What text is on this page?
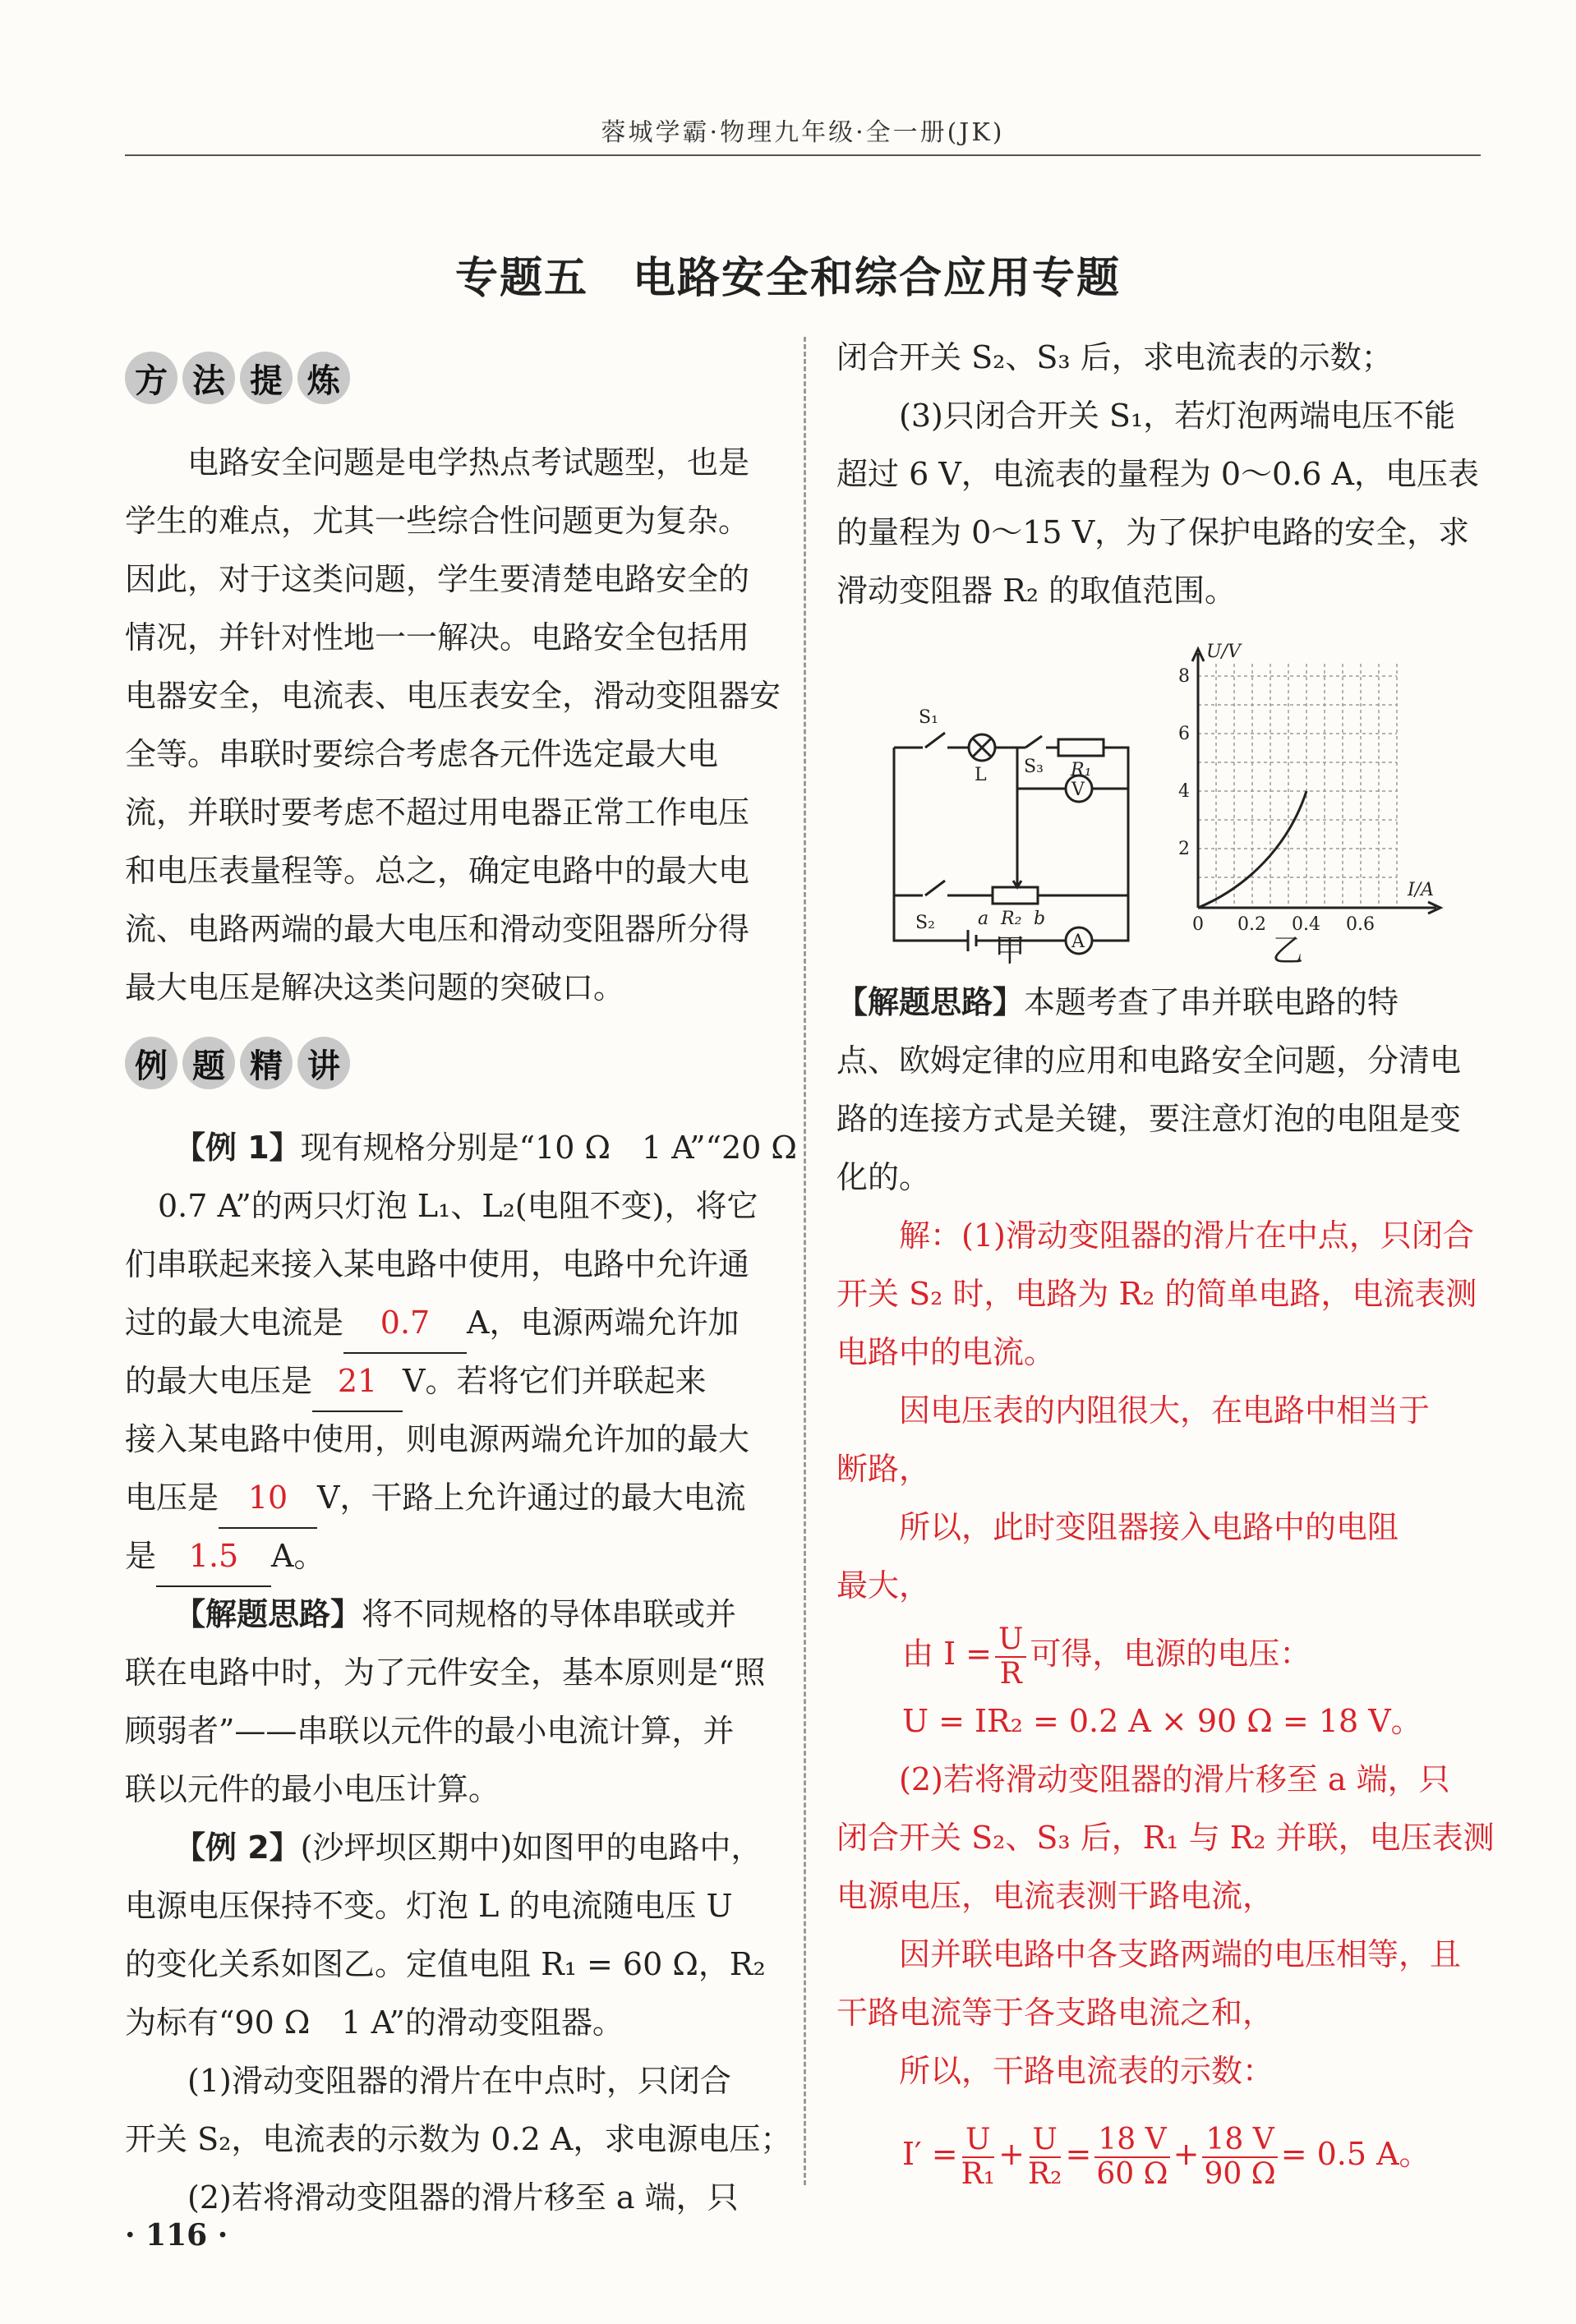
蓉城学霸·物理九年级·全一册(JK)
专题五　电路安全和综合应用专题
方 法 提 炼
　　电路安全问题是电学热点考试题型，也是
学生的难点，尤其一些综合性问题更为复杂。
因此，对于这类问题，学生要清楚电路安全的
情况，并针对性地一一解决。电路安全包括用
电器安全，电流表、电压表安全，滑动变阻器安
全等。串联时要综合考虑各元件选定最大电
流，并联时要考虑不超过用电器正常工作电压
和电压表量程等。总之，确定电路中的最大电
流、电路两端的最大电压和滑动变阻器所分得
最大电压是解决这类问题的突破口。
例 题 精 讲
【例 1】现有规格分别是“10 Ω　1 A”“20 Ω
0.7 A”的两只灯泡 L₁、L₂(电阻不变)，将它
们串联起来接入某电路中使用，电路中允许通
过的最大电流是 0.7 A，电源两端允许加
的最大电压是 21 V。若将它们并联起来
接入某电路中使用，则电源两端允许加的最大
电压是 10 V，干路上允许通过的最大电流
是 1.5 A。
【解题思路】将不同规格的导体串联或并
联在电路中时，为了元件安全，基本原则是“照
顾弱者”——串联以元件的最小电流计算，并
联以元件的最小电压计算。
【例 2】(沙坪坝区期中)如图甲的电路中，
电源电压保持不变。灯泡 L 的电流随电压 U
的变化关系如图乙。定值电阻 R₁ = 60 Ω，R₂
为标有“90 Ω　1 A”的滑动变阻器。
　　(1)滑动变阻器的滑片在中点时，只闭合
开关 S₂，电流表的示数为 0.2 A，求电源电压；
　　(2)若将滑动变阻器的滑片移至 a 端，只
· 116 ·
闭合开关 S₂、S₃ 后，求电流表的示数；
　　(3)只闭合开关 S₁，若灯泡两端电压不能
超过 6 V，电流表的量程为 0～0.6 A，电压表
的量程为 0～15 V，为了保护电路的安全，求
滑动变阻器 R₂ 的取值范围。
S₁
L S₃ R₁
V
S₂ a R₂ b
A
甲
U/V
I/A
8
6
4
2
0 0.2 0.4 0.6
乙
【解题思路】本题考查了串并联电路的特
点、欧姆定律的应用和电路安全问题，分清电
路的连接方式是关键，要注意灯泡的电阻是变
化的。
　　解：(1)滑动变阻器的滑片在中点，只闭合
开关 S₂ 时，电路为 R₂ 的简单电路，电流表测
电路中的电流。
　　因电压表的内阻很大，在电路中相当于
断路，
　　所以，此时变阻器接入电路中的电阻
最大，
由 $I = \frac{U}{R}$ 可得，电源的电压：
U = IR₂ = 0.2 A × 90 Ω = 18 V。
　　(2)若将滑动变阻器的滑片移至 a 端，只
闭合开关 S₂、S₃ 后，R₁ 与 R₂ 并联，电压表测
电源电压，电流表测干路电流，
　　因并联电路中各支路两端的电压相等，且
干路电流等于各支路电流之和，
　　所以，干路电流表的示数：
$I' = \frac{U}{\text{R₁}} + \frac{U}{\text{R₂}} = \frac{18 V}{60 \Omega} + \frac{18 V}{90 \Omega} = 0.5$ A。
